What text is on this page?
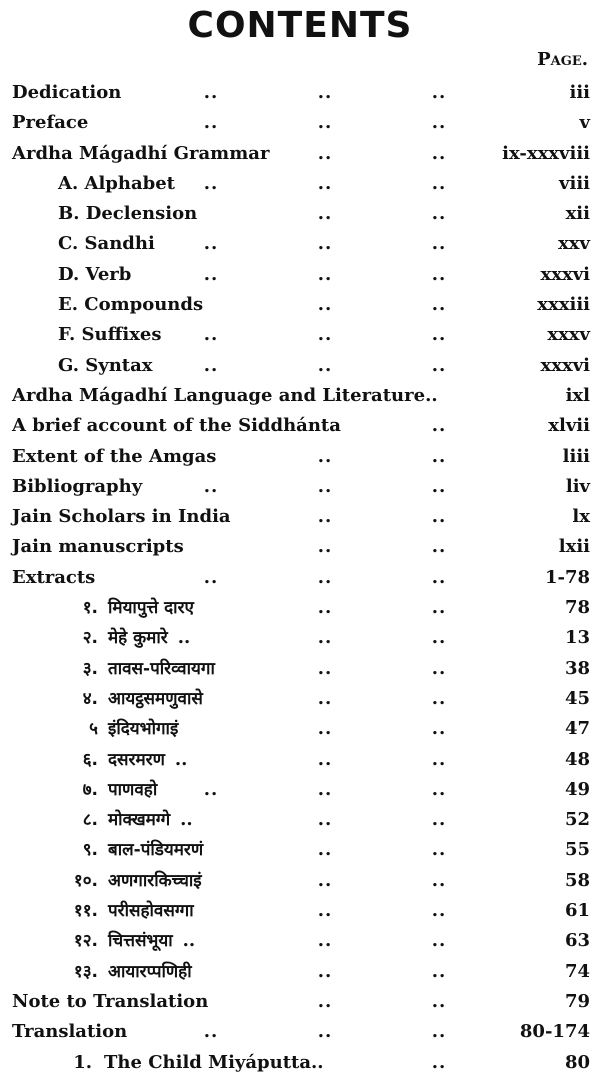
CONTENTS
Page.
Dedication	..	..	..	iii
Preface	..	..	..	v
Ardha Mágadhí Grammar	..	..	ix-xxxviii
A. Alphabet	..	..	..	viii
B. Declension	..	..	xii
C. Sandhi	..	..	..	xxv
D. Verb	..	..	..	xxxvi
E. Compounds	..	..	xxxiii
F. Suffixes	..	..	..	xxxv
G. Syntax	..	..	..	xxxvi
Ardha Mágadhí Language and Literature..	ixl
A brief account of the Siddhánta	..	xlvii
Extent of the Amgas	..	..	liii
Bibliography	..	..	..	liv
Jain Scholars in India	..	..	lx
Jain manuscripts	..	..	lxii
Extracts	..	..	..	1-78
१. मियापुत्ते दारए	..	..	78
२. मेहे कुमारे ..	..	..	13
३. तावस-परिव्वायगा	..	..	38
४. आयट्ठसमणुवासे	..	..	45
५ इंदियभोगाइं	..	..	47
६. दसरमरण ..	..	..	48
७. पाणवहो	..	..	..	49
८. मोक्खमग्गे ..	..	..	52
९. बाल-पंडियमरणं	..	..	55
१०. अणगारकिच्चाइं	..	..	58
११. परीसहोवसग्गा	..	..	61
१२. चित्तसंभूया ..	..	..	63
१३. आयारप्पणिही	..	..	74
Note to Translation	..	..	79
Translation	..	..	..	80-174
1. The Child Miyáputta..	..	80
